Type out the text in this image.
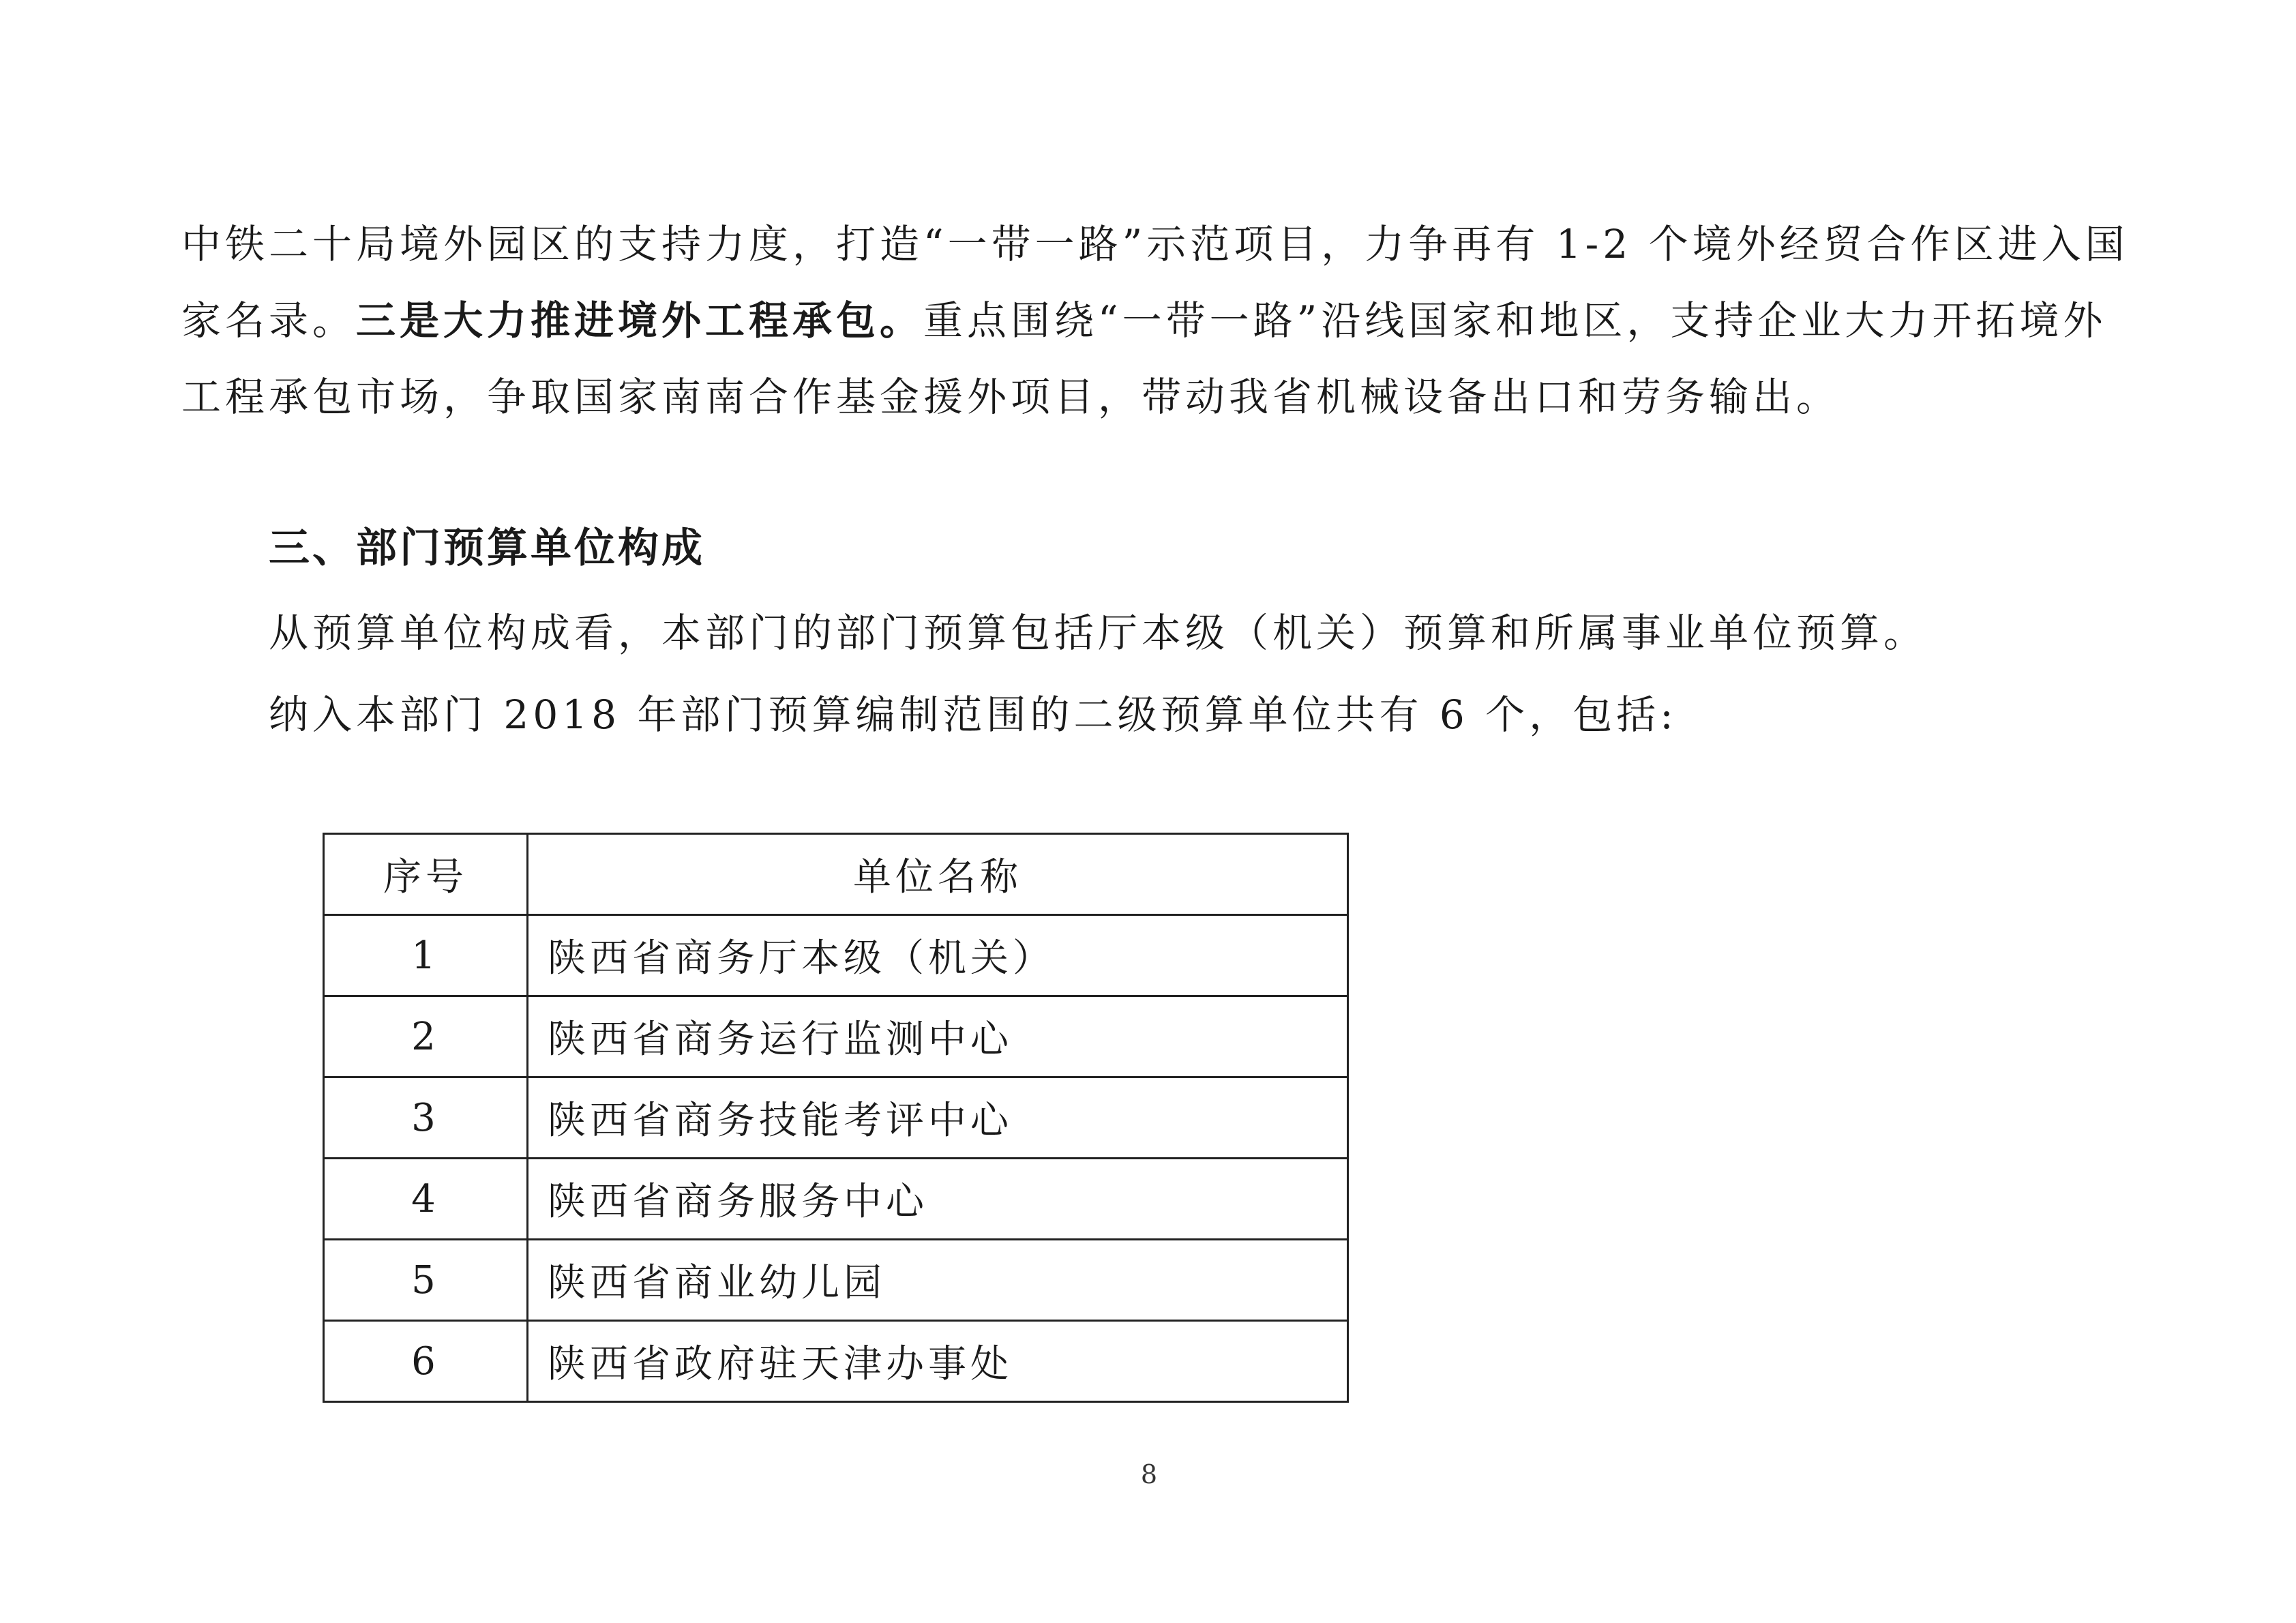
中铁二十局境外园区的支持力度，打造“一带一路”示范项目，力争再有 1-2 个境外经贸合作区进入国家名录。三是大力推进境外工程承包。重点围绕“一带一路”沿线国家和地区，支持企业大力开拓境外工程承包市场，争取国家南南合作基金援外项目，带动我省机械设备出口和劳务输出。

三、部门预算单位构成

从预算单位构成看，本部门的部门预算包括厅本级（机关）预算和所属事业单位预算。

纳入本部门 2018 年部门预算编制范围的二级预算单位共有 6 个，包括:

序号	单位名称
1	陕西省商务厅本级（机关）
2	陕西省商务运行监测中心
3	陕西省商务技能考评中心
4	陕西省商务服务中心
5	陕西省商业幼儿园
6	陕西省政府驻天津办事处
8
